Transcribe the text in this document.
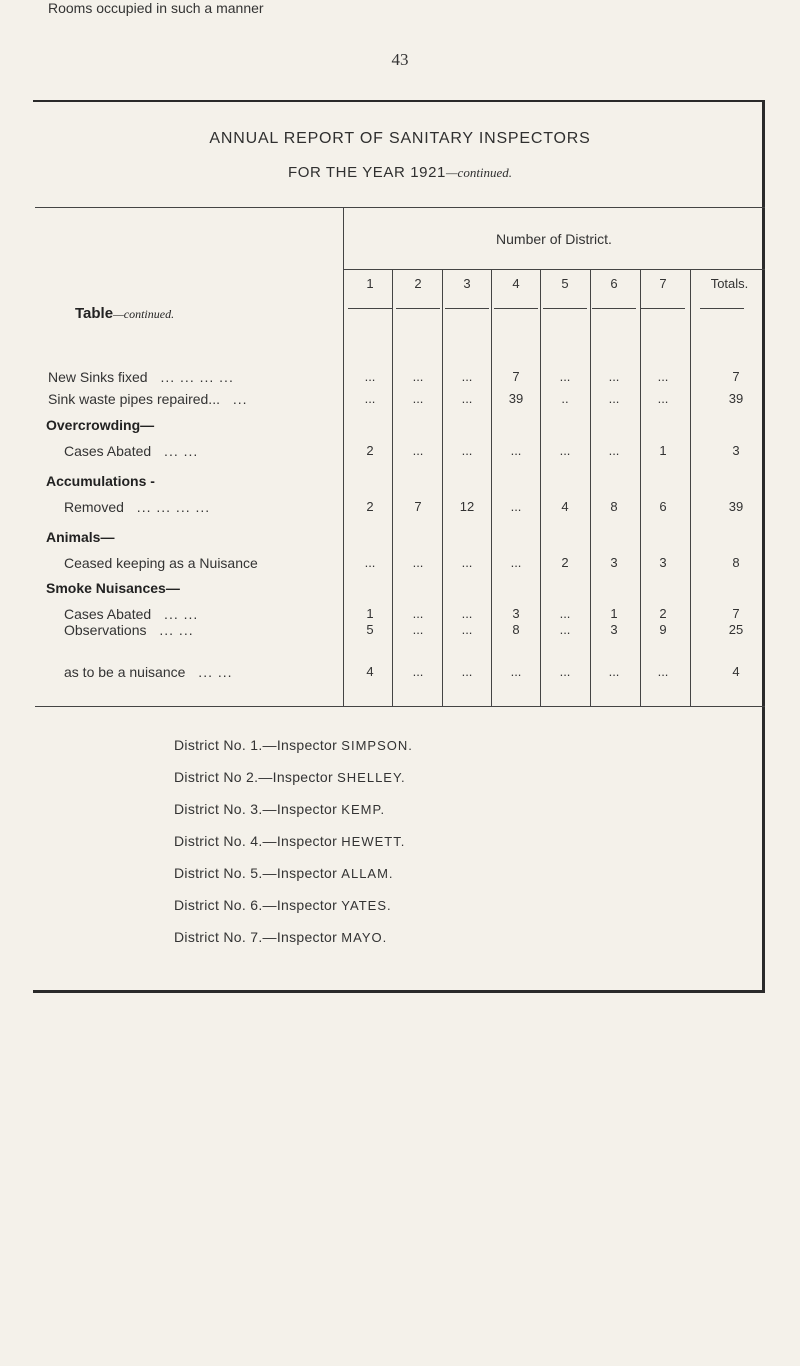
43
ANNUAL REPORT OF SANITARY INSPECTORS
FOR THE YEAR 1921—continued.
Number of District.
1	2	3	4	5	6	7	Totals.
Table—continued.
New Sinks fixed ... ... ... ...	...	...	...	7	...	...	...	7
Sink waste pipes repaired... ...	...	...	...	39	..	...	...	39
Overcrowding—
Cases Abated ... ...	2	...	...	...	...	...	1	3
Accumulations -
Removed ... ... ... ...	2	7	12	...	4	8	6	39
Animals—
Ceased keeping as a Nuisance	...	...	...	...	2	3	3	8
Smoke Nuisances—
Cases Abated ... ...	1	...	...	3	...	1	2	7
Observations ... ...	5	...	...	8	...	3	9	25
Rooms occupied in such a manner
as to be a nuisance ... ...	4	...	...	...	...	...	...	4
District No. 1.—Inspector SIMPSON.
District No 2.—Inspector SHELLEY.
District No. 3.—Inspector KEMP.
District No. 4.—Inspector HEWETT.
District No. 5.—Inspector ALLAM.
District No. 6.—Inspector YATES.
District No. 7.—Inspector MAYO.
